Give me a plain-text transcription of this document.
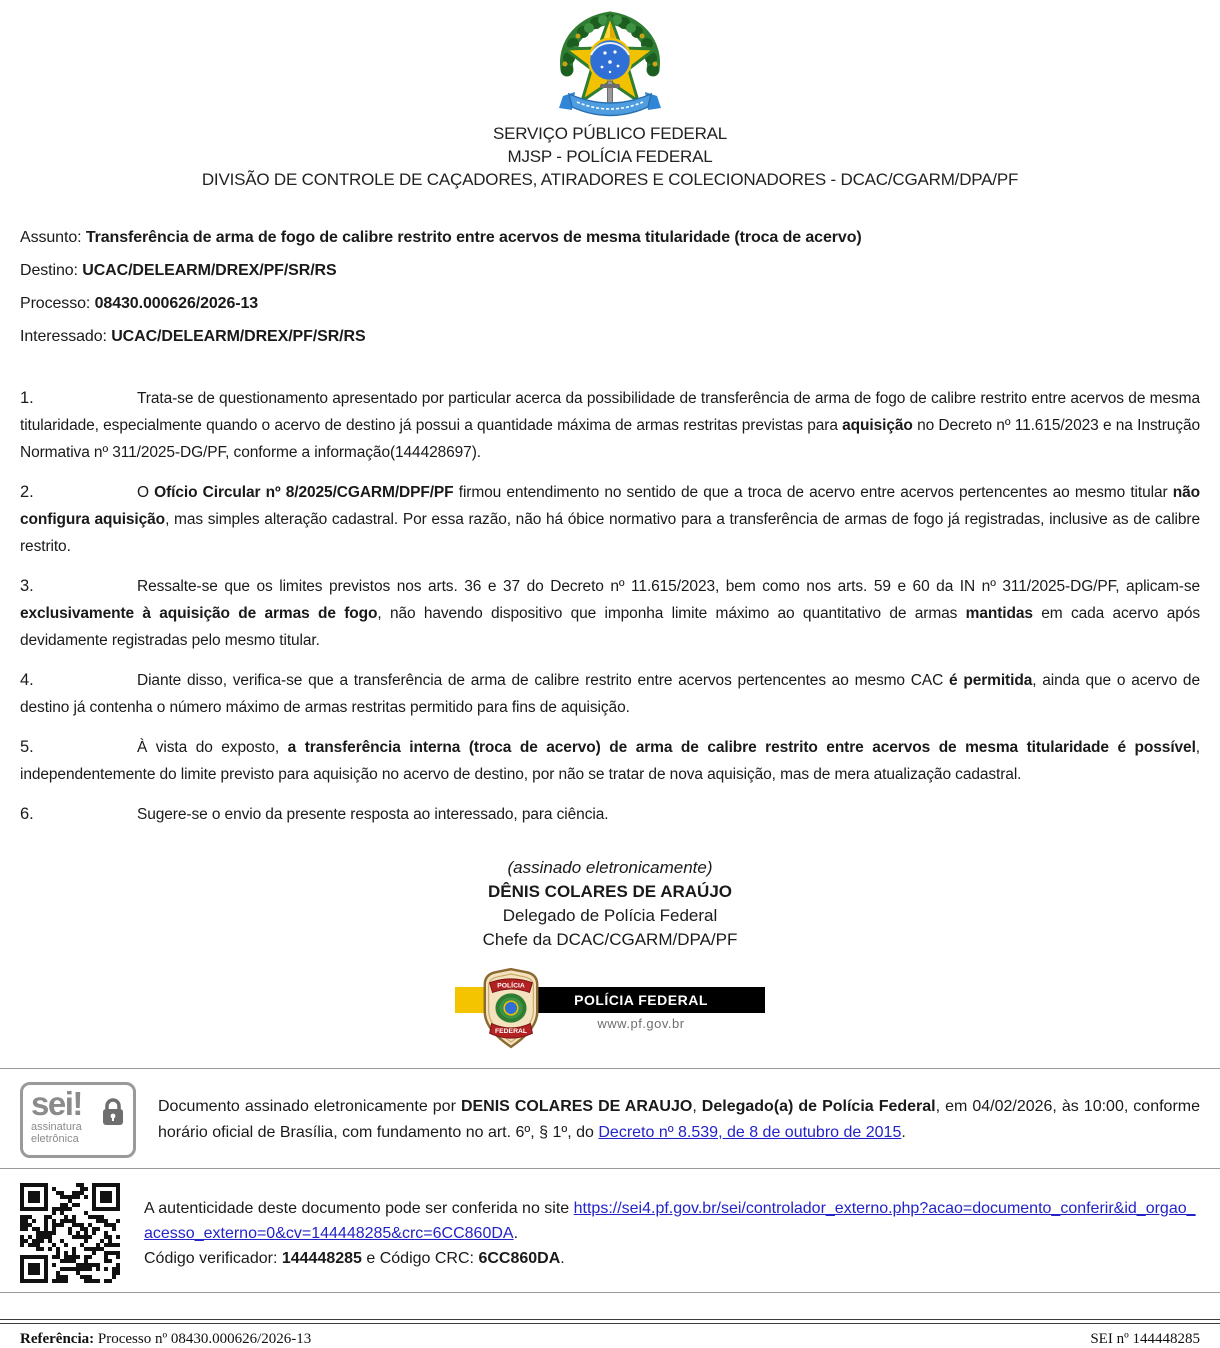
SERVIÇO PÚBLICO FEDERAL
MJSP - POLÍCIA FEDERAL
DIVISÃO DE CONTROLE DE CAÇADORES, ATIRADORES E COLECIONADORES - DCAC/CGARM/DPA/PF
Assunto: Transferência de arma de fogo de calibre restrito entre acervos de mesma titularidade (troca de acervo)
Destino: UCAC/DELEARM/DREX/PF/SR/RS
Processo: 08430.000626/2026-13
Interessado: UCAC/DELEARM/DREX/PF/SR/RS
1.	Trata-se de questionamento apresentado por particular acerca da possibilidade de transferência de arma de fogo de calibre restrito entre acervos de mesma titularidade, especialmente quando o acervo de destino já possui a quantidade máxima de armas restritas previstas para aquisição no Decreto nº 11.615/2023 e na Instrução Normativa nº 311/2025-DG/PF, conforme a informação(144428697).

2.	O Ofício Circular nº 8/2025/CGARM/DPF/PF firmou entendimento no sentido de que a troca de acervo entre acervos pertencentes ao mesmo titular não configura aquisição, mas simples alteração cadastral. Por essa razão, não há óbice normativo para a transferência de armas de fogo já registradas, inclusive as de calibre restrito.

3.	Ressalte-se que os limites previstos nos arts. 36 e 37 do Decreto nº 11.615/2023, bem como nos arts. 59 e 60 da IN nº 311/2025-DG/PF, aplicam-se exclusivamente à aquisição de armas de fogo, não havendo dispositivo que imponha limite máximo ao quantitativo de armas mantidas em cada acervo após devidamente registradas pelo mesmo titular.

4.	Diante disso, verifica-se que a transferência de arma de calibre restrito entre acervos pertencentes ao mesmo CAC é permitida, ainda que o acervo de destino já contenha o número máximo de armas restritas permitido para fins de aquisição.

5.	À vista do exposto, a transferência interna (troca de acervo) de arma de calibre restrito entre acervos de mesma titularidade é possível, independentemente do limite previsto para aquisição no acervo de destino, por não se tratar de nova aquisição, mas de mera atualização cadastral.

6.	Sugere-se o envio da presente resposta ao interessado, para ciência.

(assinado eletronicamente)
DÊNIS COLARES DE ARAÚJO
Delegado de Polícia Federal
Chefe da DCAC/CGARM/DPA/PF
POLÍCIA FEDERAL
www.pf.gov.br
POLÍCIA
FEDERAL
sei!
assinatura
eletrônica
Documento assinado eletronicamente por DENIS COLARES DE ARAUJO, Delegado(a) de Polícia Federal, em 04/02/2026, às 10:00, conforme horário oficial de Brasília, com fundamento no art. 6º, § 1º, do Decreto nº 8.539, de 8 de outubro de 2015.
A autenticidade deste documento pode ser conferida no site https://sei4.pf.gov.br/sei/controlador_externo.php?acao=documento_conferir&id_orgao_acesso_externo=0&cv=144448285&crc=6CC860DA.
Código verificador: 144448285 e Código CRC: 6CC860DA.
Referência: Processo nº 08430.000626/2026-13	SEI nº 144448285
